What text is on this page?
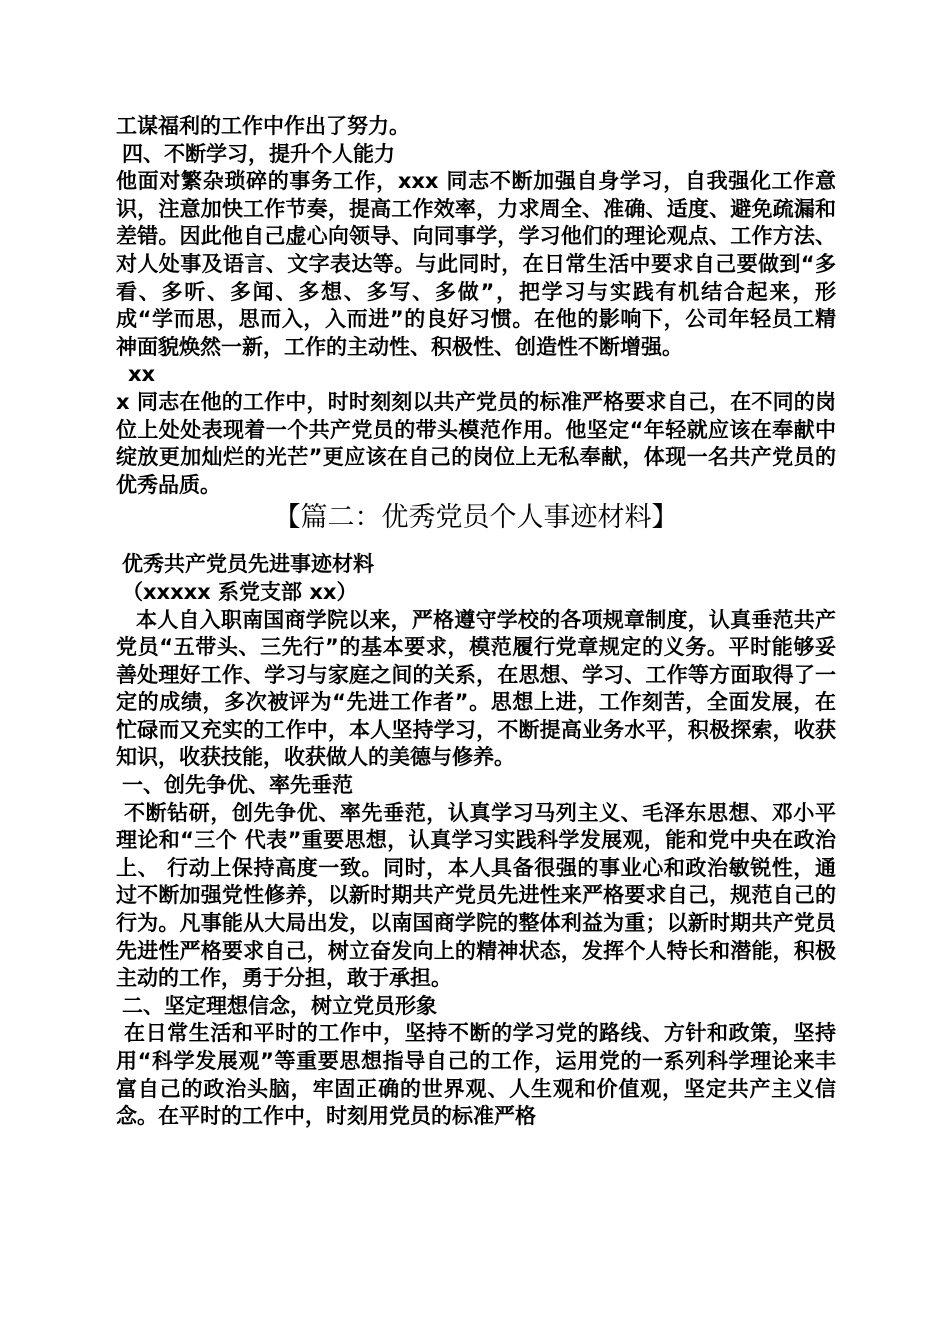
工谋福利的工作中作出了努力。

四、不断学习，提升个人能力

他面对繁杂琐碎的事务工作，xxx 同志不断加强自身学习，自我强化工作意识，注意加快工作节奏，提高工作效率，力求周全、准确、适度、避免疏漏和差错。因此他自己虚心向领导、向同事学，学习他们的理论观点、工作方法、对人处事及语言、文字表达等。与此同时，在日常生活中要求自己要做到“多看、多听、多闻、多想、多写、多做”，把学习与实践有机结合起来，形成“学而思，思而入，入而进”的良好习惯。在他的影响下，公司年轻员工精神面貌焕然一新，工作的主动性、积极性、创造性不断增强。

xx

x 同志在他的工作中，时时刻刻以共产党员的标准严格要求自己，在不同的岗位上处处表现着一个共产党员的带头模范作用。他坚定“年轻就应该在奉献中绽放更加灿烂的光芒”更应该在自己的岗位上无私奉献，体现一名共产党员的优秀品质。

【篇二：优秀党员个人事迹材料】

优秀共产党员先进事迹材料

（xxxxx 系党支部 xx）

本人自入职南国商学院以来，严格遵守学校的各项规章制度，认真垂范共产党员“五带头、三先行”的基本要求，模范履行党章规定的义务。平时能够妥善处理好工作、学习与家庭之间的关系，在思想、学习、工作等方面取得了一定的成绩，多次被评为“先进工作者”。思想上进，工作刻苦，全面发展，在忙碌而又充实的工作中，本人坚持学习，不断提高业务水平，积极探索，收获知识，收获技能，收获做人的美德与修养。

一、创先争优、率先垂范

不断钻研，创先争优、率先垂范，认真学习马列主义、毛泽东思想、邓小平理论和“三个 代表”重要思想，认真学习实践科学发展观，能和党中央在政治上、 行动上保持高度一致。同时，本人具备很强的事业心和政治敏锐性，通过不断加强党性修养，以新时期共产党员先进性来严格要求自己，规范自己的行为。凡事能从大局出发，以南国商学院的整体利益为重；以新时期共产党员先进性严格要求自己，树立奋发向上的精神状态，发挥个人特长和潜能，积极主动的工作，勇于分担，敢于承担。

二、坚定理想信念，树立党员形象

在日常生活和平时的工作中，坚持不断的学习党的路线、方针和政策，坚持用“科学发展观”等重要思想指导自己的工作，运用党的一系列科学理论来丰富自己的政治头脑，牢固正确的世界观、人生观和价值观，坚定共产主义信念。在平时的工作中，时刻用党员的标准严格
